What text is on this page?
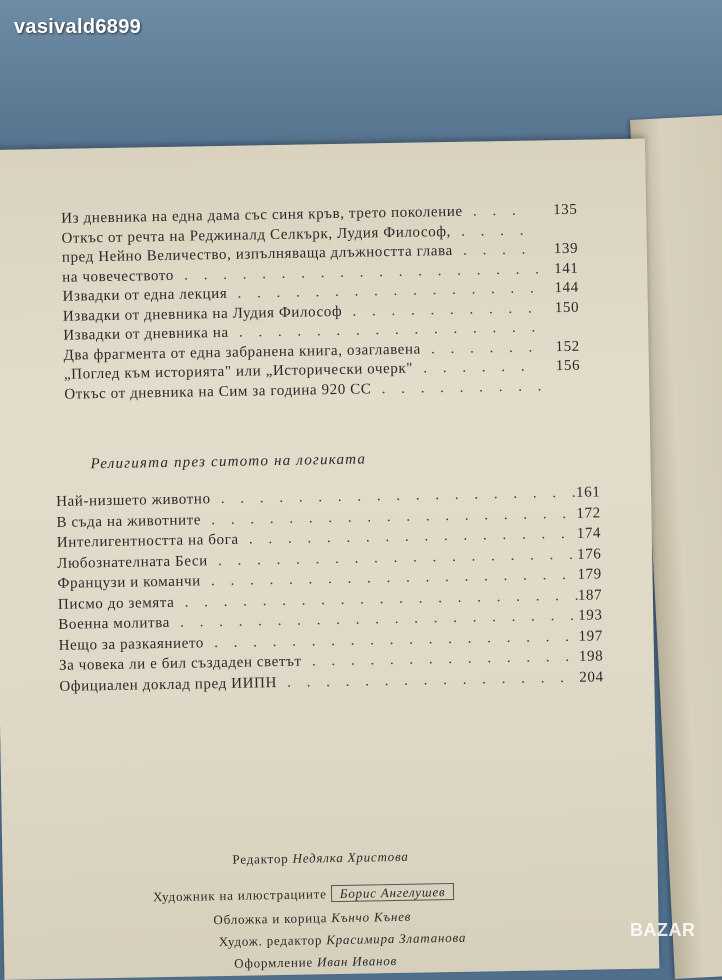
Из дневника на една дама със синя кръв, трето поколение . . . 135
Откъс от речта на Реджиналд Селкърк, Лудия Философ, . . . .
пред Нейно Величество, изпълняваща длъжността глава . . . . 139
на човечеството . . . . . . . . . . . . . . . . . . . 141
Извадки от една лекция . . . . . . . . . . . . . . . . 144
Извадки от дневника на Лудия Философ . . . . . . . . . . 150
Извадки от дневника на . . . . . . . . . . . . . . . .
Два фрагмента от една забранена книга, озаглавена . . . . . . 152
„Поглед към историята" или „Исторически очерк" . . . . . . 156
Откъс от дневника на Сим за година 920 СС . . . . . . . . .
Религията през ситото на логиката
Най-низшето животно . . . . . . . . . . . . . . . . . . .
161
В съда на животните . . . . . . . . . . . . . . . . . . . 172
Интелигентността на бога . . . . . . . . . . . . . . . . . 174
Любознателната Беси . . . . . . . . . . . . . . . . . . .
176
Французи и команчи . . . . . . . . . . . . . . . . . . . 179
Писмо до земята . . . . . . . . . . . . . . . . . . . . .
187
Военна молитва . . . . . . . . . . . . . . . . . . . . .
193
Нещо за разкаянието . . . . . . . . . . . . . . . . . . . 197
За човека ли е бил създаден светът . . . . . . . . . . . . . . 198
Официален доклад пред ИИПН . . . . . . . . . . . . . . . 204
Редактор Недялка Христова
Художник на илюстрациите Борис Ангелушев
Обложка и корица Кънчо Кънев
Худож. редактор Красимира Златанова
Оформление Иван Иванов
vasivald6899
BAZAR
